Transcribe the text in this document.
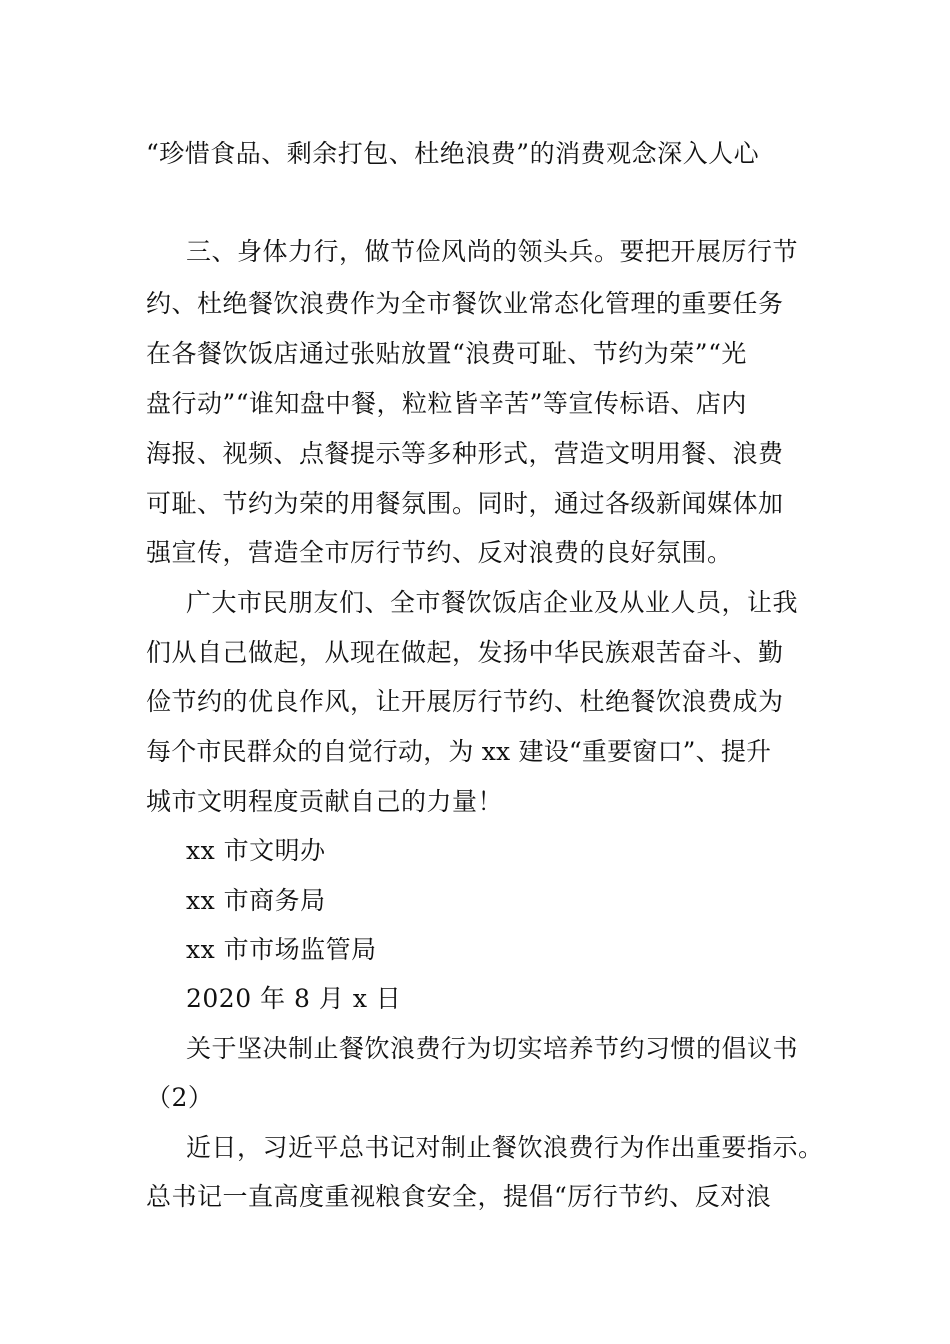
“珍惜食品、剩余打包、杜绝浪费”的消费观念深入人心
三、身体力行，做节俭风尚的领头兵。要把开展厉行节
约、杜绝餐饮浪费作为全市餐饮业常态化管理的重要任务
在各餐饮饭店通过张贴放置“浪费可耻、节约为荣”“光
盘行动”“谁知盘中餐，粒粒皆辛苦”等宣传标语、店内
海报、视频、点餐提示等多种形式，营造文明用餐、浪费
可耻、节约为荣的用餐氛围。同时，通过各级新闻媒体加
强宣传，营造全市厉行节约、反对浪费的良好氛围。
广大市民朋友们、全市餐饮饭店企业及从业人员，让我
们从自己做起，从现在做起，发扬中华民族艰苦奋斗、勤
俭节约的优良作风，让开展厉行节约、杜绝餐饮浪费成为
每个市民群众的自觉行动，为 xx 建设“重要窗口”、提升
城市文明程度贡献自己的力量！
xx 市文明办
xx 市商务局
xx 市市场监管局
2020 年 8 月 x 日
关于坚决制止餐饮浪费行为切实培养节约习惯的倡议书
（2）
近日，习近平总书记对制止餐饮浪费行为作出重要指示。
总书记一直高度重视粮食安全，提倡“厉行节约、反对浪
